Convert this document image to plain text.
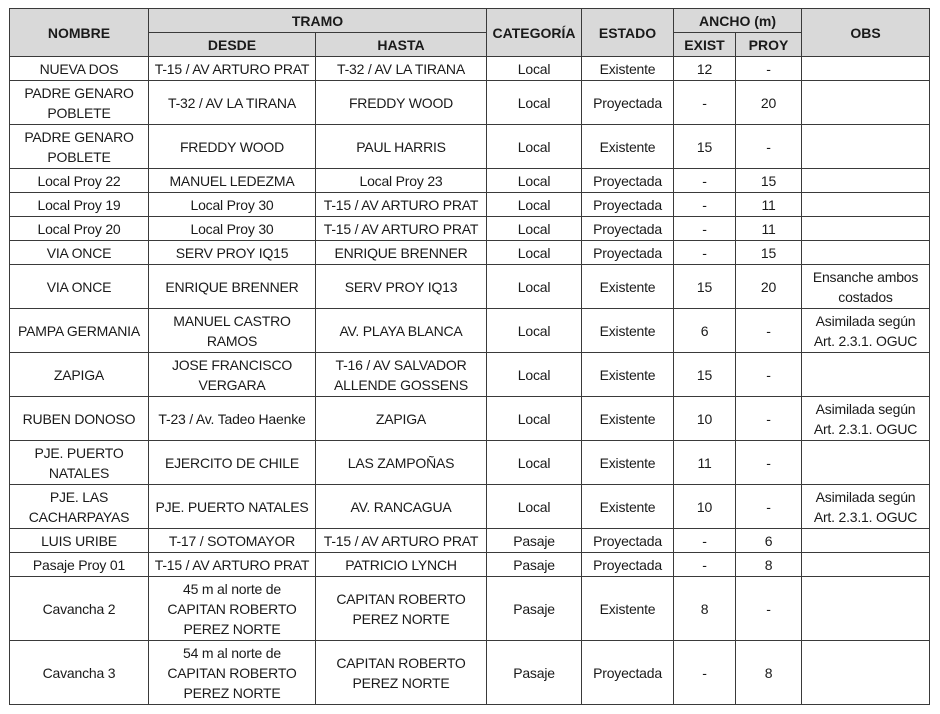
NOMBRE	TRAMO		CATEGORÍA	ESTADO	ANCHO (m)		OBS
	DESDE	HASTA			EXIST	PROY	
NUEVA DOS	T-15 / AV ARTURO PRAT	T-32 / AV LA TIRANA	Local	Existente	12	-	
PADRE GENARO
POBLETE	T-32 / AV LA TIRANA	FREDDY WOOD	Local	Proyectada	-	20	
PADRE GENARO
POBLETE	FREDDY WOOD	PAUL HARRIS	Local	Existente	15	-	
Local Proy 22	MANUEL LEDEZMA	Local Proy 23	Local	Proyectada	-	15	
Local Proy 19	Local Proy 30	T-15 / AV ARTURO PRAT	Local	Proyectada	-	11	
Local Proy 20	Local Proy 30	T-15 / AV ARTURO PRAT	Local	Proyectada	-	11	
VIA ONCE	SERV PROY IQ15	ENRIQUE BRENNER	Local	Proyectada	-	15	
VIA ONCE	ENRIQUE BRENNER	SERV PROY IQ13	Local	Existente	15	20	Ensanche ambos
costados
PAMPA GERMANIA	MANUEL CASTRO
RAMOS	AV. PLAYA BLANCA	Local	Existente	6	-	Asimilada según
Art. 2.3.1. OGUC
ZAPIGA	JOSE FRANCISCO
VERGARA	T-16 / AV SALVADOR
ALLENDE GOSSENS	Local	Existente	15	-	
RUBEN DONOSO	T-23 / Av. Tadeo Haenke	ZAPIGA	Local	Existente	10	-	Asimilada según
Art. 2.3.1. OGUC
PJE. PUERTO
NATALES	EJERCITO DE CHILE	LAS ZAMPOÑAS	Local	Existente	11	-	
PJE. LAS
CACHARPAYAS	PJE. PUERTO NATALES	AV. RANCAGUA	Local	Existente	10	-	Asimilada según
Art. 2.3.1. OGUC
LUIS URIBE	T-17 / SOTOMAYOR	T-15 / AV ARTURO PRAT	Pasaje	Proyectada	-	6	
Pasaje Proy 01	T-15 / AV ARTURO PRAT	PATRICIO LYNCH	Pasaje	Proyectada	-	8	
Cavancha 2	45 m al norte de
CAPITAN ROBERTO
PEREZ NORTE	CAPITAN ROBERTO
PEREZ NORTE	Pasaje	Existente	8	-	
Cavancha 3	54 m al norte de
CAPITAN ROBERTO
PEREZ NORTE	CAPITAN ROBERTO
PEREZ NORTE	Pasaje	Proyectada	-	8	
